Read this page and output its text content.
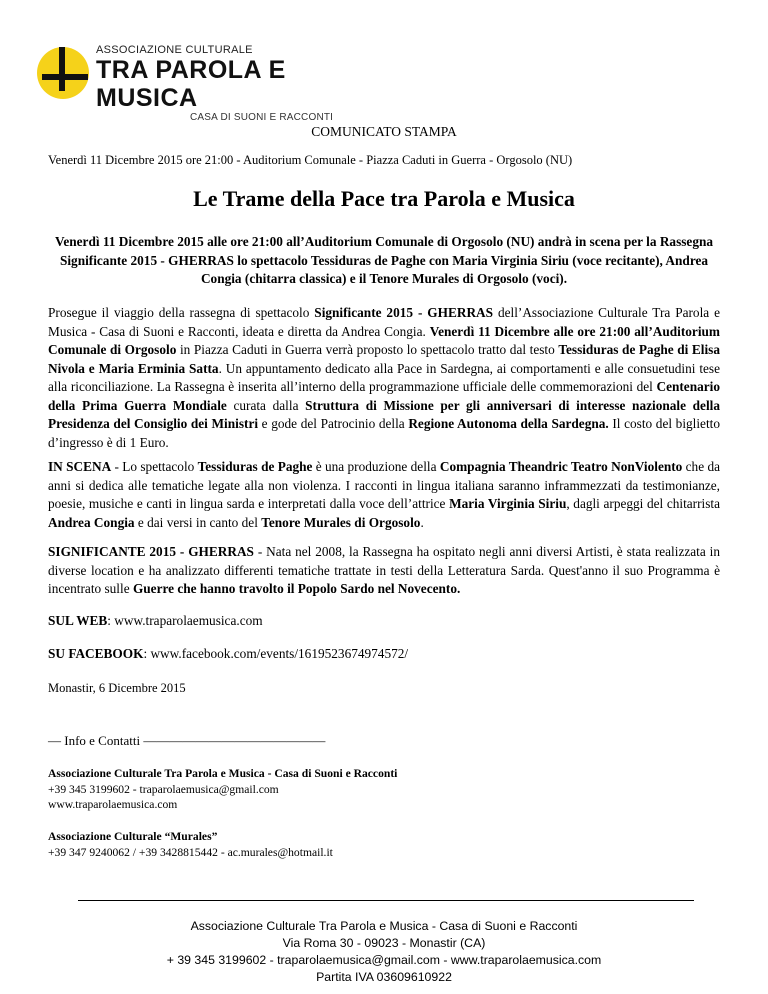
ASSOCIAZIONE CULTURALE
TRA PAROLA E MUSICA
CASA DI SUONI E RACCONTI
COMUNICATO STAMPA
Venerdì 11 Dicembre 2015 ore 21:00 - Auditorium Comunale - Piazza Caduti in Guerra - Orgosolo (NU)
Le Trame della Pace tra Parola e Musica
Venerdì 11 Dicembre 2015 alle ore 21:00 all’Auditorium Comunale di Orgosolo (NU) andrà in scena per la Rassegna Significante 2015 - GHERRAS lo spettacolo Tessiduras de Paghe con Maria Virginia Siriu (voce recitante), Andrea Congia (chitarra classica) e il Tenore Murales di Orgosolo (voci).
Prosegue il viaggio della rassegna di spettacolo Significante 2015 - GHERRAS dell’Associazione Culturale Tra Parola e Musica - Casa di Suoni e Racconti, ideata e diretta da Andrea Congia. Venerdì 11 Dicembre alle ore 21:00 all’Auditorium Comunale di Orgosolo in Piazza Caduti in Guerra verrà proposto lo spettacolo tratto dal testo Tessiduras de Paghe di Elisa Nivola e Maria Erminia Satta. Un appuntamento dedicato alla Pace in Sardegna, ai comportamenti e alle consuetudini tese alla riconciliazione. La Rassegna è inserita all’interno della programmazione ufficiale delle commemorazioni del Centenario della Prima Guerra Mondiale curata dalla Struttura di Missione per gli anniversari di interesse nazionale della Presidenza del Consiglio dei Ministri e gode del Patrocinio della Regione Autonoma della Sardegna. Il costo del biglietto d’ingresso è di 1 Euro.
IN SCENA - Lo spettacolo Tessiduras de Paghe è una produzione della Compagnia Theandric Teatro NonViolento che da anni si dedica alle tematiche legate alla non violenza. I racconti in lingua italiana saranno inframmezzati da testimonianze, poesie, musiche e canti in lingua sarda e interpretati dalla voce dell’attrice Maria Virginia Siriu, dagli arpeggi del chitarrista Andrea Congia e dai versi in canto del Tenore Murales di Orgosolo.
SIGNIFICANTE 2015 - GHERRAS - Nata nel 2008, la Rassegna ha ospitato negli anni diversi Artisti, è stata realizzata in diverse location e ha analizzato differenti tematiche trattate in testi della Letteratura Sarda. Quest'anno il suo Programma è incentrato sulle Guerre che hanno travolto il Popolo Sardo nel Novecento.
SUL WEB: www.traparolaemusica.com
SU FACEBOOK: www.facebook.com/events/1619523674974572/
Monastir, 6 Dicembre 2015
— Info e Contatti ——————————————
Associazione Culturale Tra Parola e Musica - Casa di Suoni e Racconti
+39 345 3199602 - traparolaemusica@gmail.com
www.traparolaemusica.com
Associazione Culturale “Murales”
+39 347 9240062 / +39 3428815442 - ac.murales@hotmail.it
Associazione Culturale Tra Parola e Musica - Casa di Suoni e Racconti
Via Roma 30 - 09023 - Monastir (CA)
+ 39 345 3199602 - traparolaemusica@gmail.com - www.traparolaemusica.com
Partita IVA 03609610922
